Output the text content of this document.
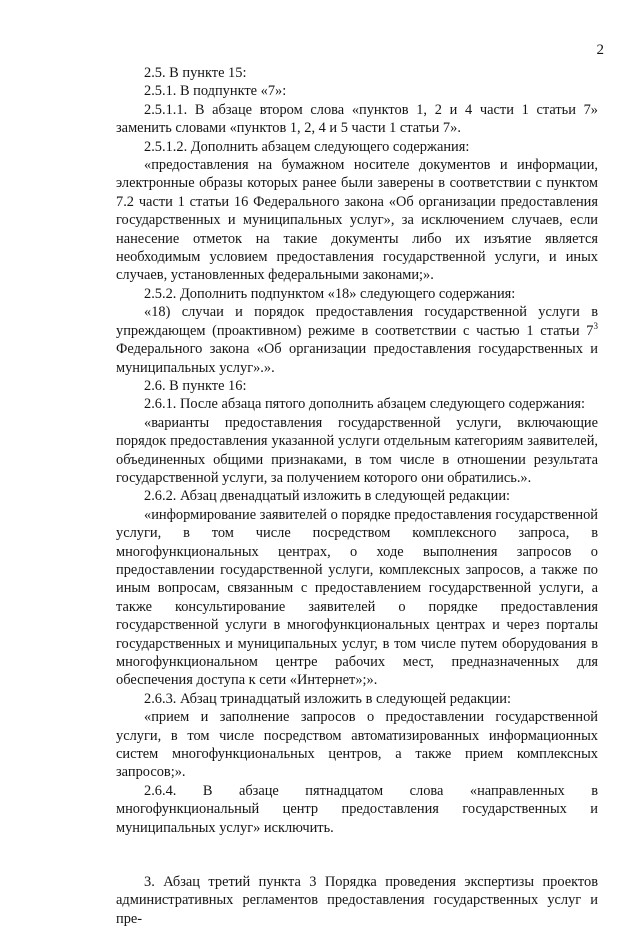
2

2.5. В пункте 15:

2.5.1. В подпункте «7»:

2.5.1.1. В абзаце втором слова «пунктов 1, 2 и 4 части 1 статьи 7» заменить словами «пунктов 1, 2, 4 и 5 части 1 статьи 7».

2.5.1.2. Дополнить абзацем следующего содержания:

«предоставления на бумажном носителе документов и информации, электронные образы которых ранее были заверены в соответствии с пунктом 7.2 части 1 статьи 16 Федерального закона «Об организации предоставления государственных и муниципальных услуг», за исключением случаев, если нанесение отметок на такие документы либо их изъятие является необходимым условием предоставления государственной услуги, и иных случаев, установленных федеральными законами;».

2.5.2. Дополнить подпунктом «18» следующего содержания:

«18) случаи и порядок предоставления государственной услуги в упреждающем (проактивном) режиме в соответствии с частью 1 статьи $7^3$ Федерального закона «Об организации предоставления государственных и муниципальных услуг».».

2.6. В пункте 16:

2.6.1. После абзаца пятого дополнить абзацем следующего содержания:

«варианты предоставления государственной услуги, включающие порядок предоставления указанной услуги отдельным категориям заявителей, объединенных общими признаками, в том числе в отношении результата государственной услуги, за получением которого они обратились.».

2.6.2. Абзац двенадцатый изложить в следующей редакции:

«информирование заявителей о порядке предоставления государственной услуги, в том числе посредством комплексного запроса, в многофункциональных центрах, о ходе выполнения запросов о предоставлении государственной услуги, комплексных запросов, а также по иным вопросам, связанным с предоставлением государственной услуги, а также консультирование заявителей о порядке предоставления государственной услуги в многофункциональных центрах и через порталы государственных и муниципальных услуг, в том числе путем оборудования в многофункциональном центре рабочих мест, предназначенных для обеспечения доступа к сети «Интернет»;».

2.6.3. Абзац тринадцатый изложить в следующей редакции:

«прием и заполнение запросов о предоставлении государственной услуги, в том числе посредством автоматизированных информационных систем многофункциональных центров, а также прием комплексных запросов;».

2.6.4. В абзаце пятнадцатом слова «направленных в многофункциональный центр предоставления государственных и муниципальных услуг» исключить.

3. Абзац третий пункта 3 Порядка проведения экспертизы проектов административных регламентов предоставления государственных услуг и пре-
